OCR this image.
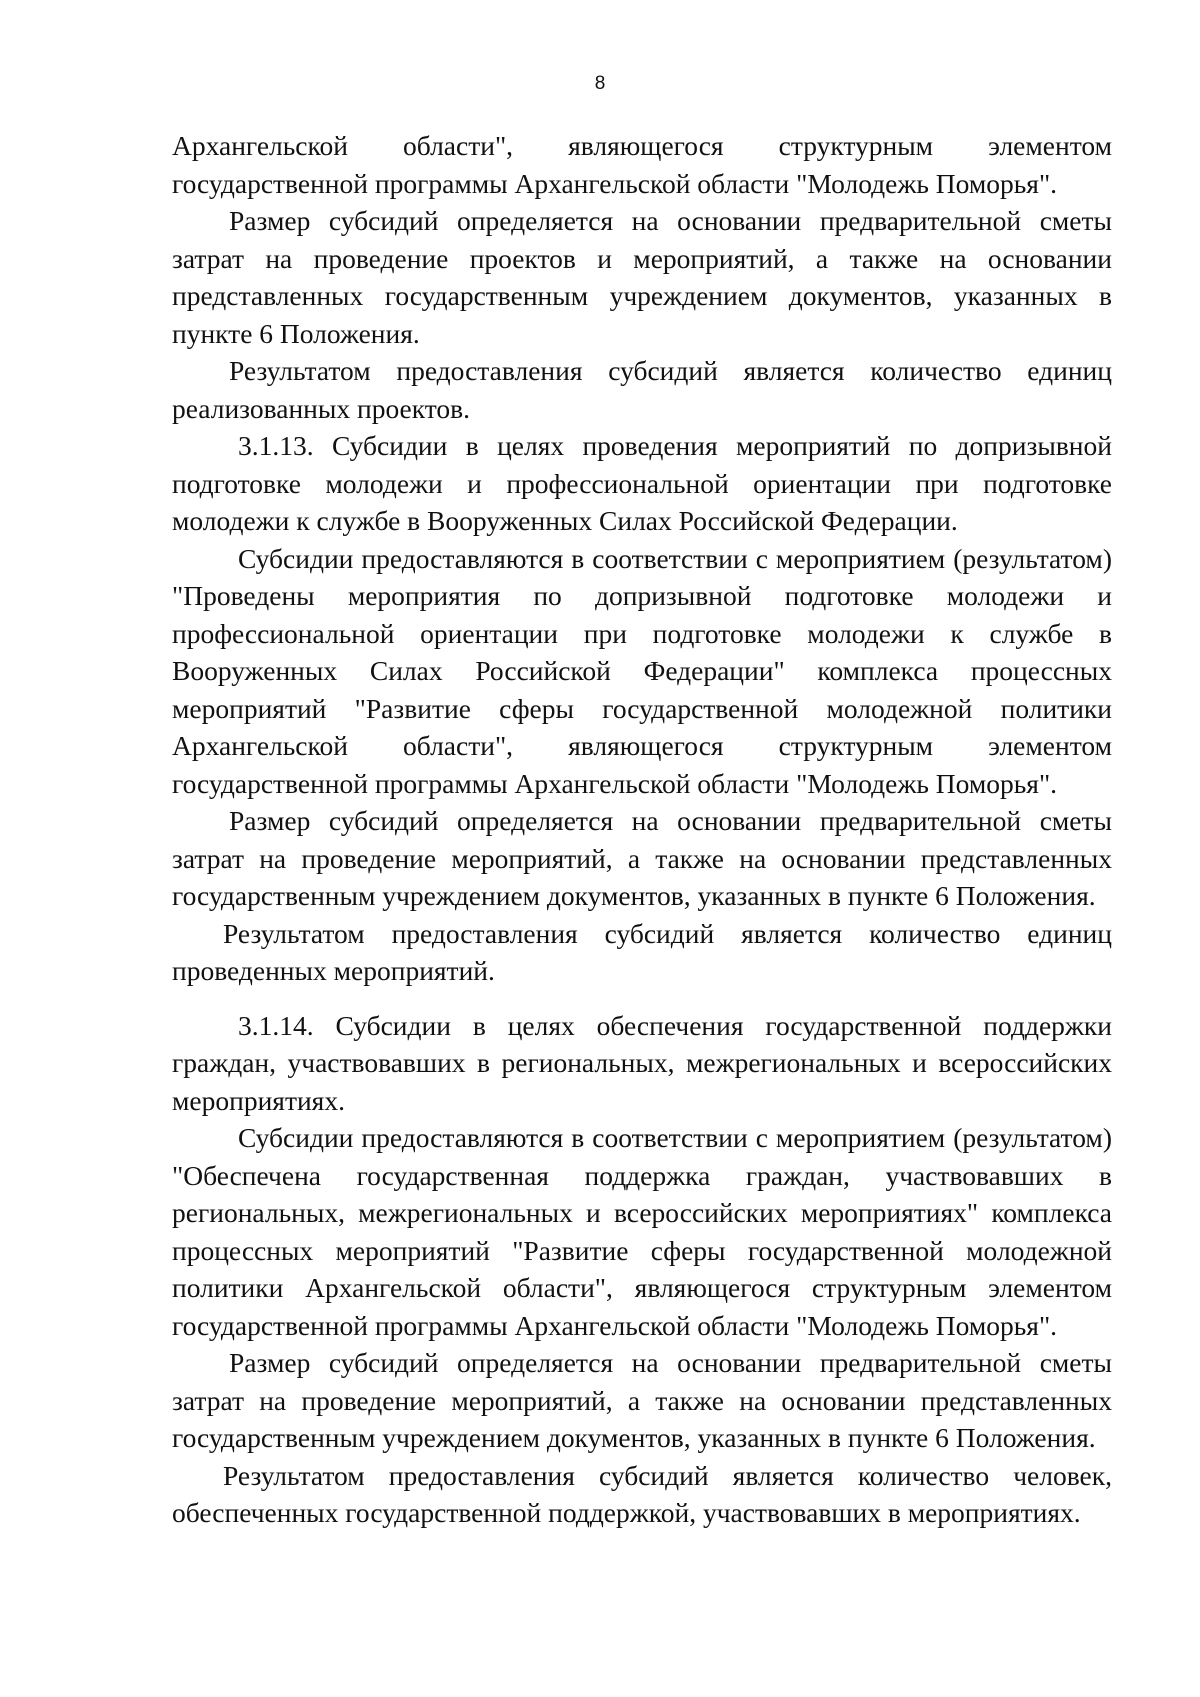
8

Архангельской области", являющегося структурным элементом государственной программы Архангельской области "Молодежь Поморья".

Размер субсидий определяется на основании предварительной сметы затрат на проведение проектов и мероприятий, а также на основании представленных государственным учреждением документов, указанных в пункте 6 Положения.

Результатом предоставления субсидий является количество единиц реализованных проектов.

3.1.13. Субсидии в целях проведения мероприятий по допризывной подготовке молодежи и профессиональной ориентации при подготовке молодежи к службе в Вооруженных Силах Российской Федерации.

Субсидии предоставляются в соответствии с мероприятием (результатом) "Проведены мероприятия по допризывной подготовке молодежи и профессиональной ориентации при подготовке молодежи к службе в Вооруженных Силах Российской Федерации" комплекса процессных мероприятий "Развитие сферы государственной молодежной политики Архангельской области", являющегося структурным элементом государственной программы Архангельской области "Молодежь Поморья".

Размер субсидий определяется на основании предварительной сметы затрат на проведение мероприятий, а также на основании представленных государственным учреждением документов, указанных в пункте 6 Положения.

Результатом предоставления субсидий является количество единиц проведенных мероприятий.

3.1.14. Субсидии в целях обеспечения государственной поддержки граждан, участвовавших в региональных, межрегиональных и всероссийских мероприятиях.

Субсидии предоставляются в соответствии с мероприятием (результатом) "Обеспечена государственная поддержка граждан, участвовавших в региональных, межрегиональных и всероссийских мероприятиях" комплекса процессных мероприятий "Развитие сферы государственной молодежной политики Архангельской области", являющегося структурным элементом государственной программы Архангельской области "Молодежь Поморья".

Размер субсидий определяется на основании предварительной сметы затрат на проведение мероприятий, а также на основании представленных государственным учреждением документов, указанных в пункте 6 Положения.

Результатом предоставления субсидий является количество человек, обеспеченных государственной поддержкой, участвовавших в мероприятиях.
